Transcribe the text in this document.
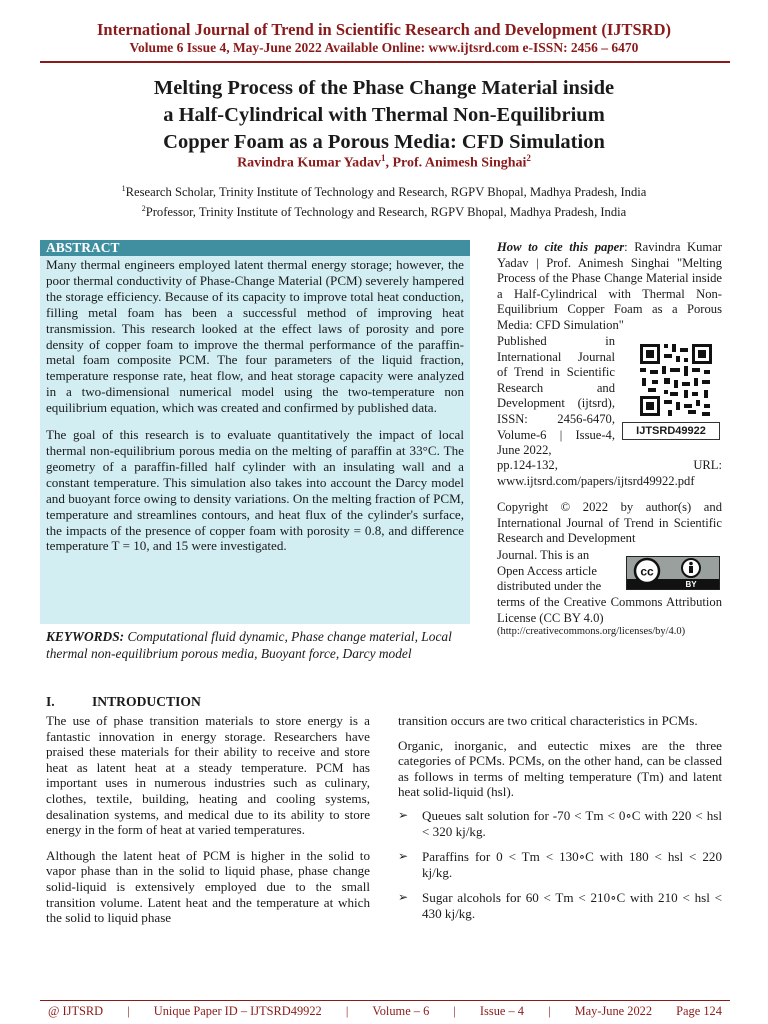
International Journal of Trend in Scientific Research and Development (IJTSRD)
Volume 6 Issue 4, May-June 2022 Available Online: www.ijtsrd.com e-ISSN: 2456 – 6470
Melting Process of the Phase Change Material inside
a Half-Cylindrical with Thermal Non-Equilibrium
Copper Foam as a Porous Media: CFD Simulation
Ravindra Kumar Yadav$^1$, Prof. Animesh Singhai$^2$
$^1$Research Scholar, Trinity Institute of Technology and Research, RGPV Bhopal, Madhya Pradesh, India
$^2$Professor, Trinity Institute of Technology and Research, RGPV Bhopal, Madhya Pradesh, India
ABSTRACT

Many thermal engineers employed latent thermal energy storage; however, the poor thermal conductivity of Phase-Change Material (PCM) severely hampered the storage efficiency. Because of its capacity to improve total heat conduction, filling metal foam has been a successful method of improving heat transmission. This research looked at the effect laws of porosity and pore density of copper foam to improve the thermal performance of the paraffin-metal foam composite PCM. The four parameters of the liquid fraction, temperature response rate, heat flow, and heat storage capacity were analyzed in a two-dimensional numerical model using the two-temperature non equilibrium equation, which was created and confirmed by published data.

The goal of this research is to evaluate quantitatively the impact of local thermal non-equilibrium porous media on the melting of paraffin at 33°C. The geometry of a paraffin-filled half cylinder with an insulating wall and a constant temperature. This simulation also takes into account the Darcy model and buoyant force owing to density variations. On the melting fraction of PCM, temperature and streamlines contours, and heat flux of the cylinder's surface, the impacts of the presence of copper foam with porosity = 0.8, and difference temperature T = 10, and 15 were investigated.

KEYWORDS: Computational fluid dynamic, Phase change material, Local thermal non-equilibrium porous media, Buoyant force, Darcy model
How to cite this paper: Ravindra Kumar Yadav | Prof. Animesh Singhai "Melting Process of the Phase Change Material inside a Half-Cylindrical with Thermal Non-Equilibrium Copper Foam as a Porous Media: CFD Simulation"
Published in International Journal of Trend in Scientific Research and Development (ijtsrd), ISSN: 2456-6470, Volume-6 | Issue-4, June 2022,
pp.124-132,	URL:
www.ijtsrd.com/papers/ijtsrd49922.pdf
IJTSRD49922
Copyright © 2022 by author(s) and International Journal of Trend in Scientific Research and Development
Journal. This is an Open Access article distributed under the
cc
BY
terms of the Creative Commons Attribution License (CC BY 4.0)
(http://creativecommons.org/licenses/by/4.0)
I.	INTRODUCTION

The use of phase transition materials to store energy is a fantastic innovation in energy storage. Researchers have praised these materials for their ability to receive and store heat as latent heat at a steady temperature. PCM has important uses in numerous industries such as culinary, clothes, textile, building, heating and cooling systems, desalination systems, and medical due to its ability to store energy in the form of heat at varied temperatures.

Although the latent heat of PCM is higher in the solid to vapor phase than in the solid to liquid phase, phase change solid-liquid is extensively employed due to the small transition volume. Latent heat and the temperature at which the solid to liquid phase

transition occurs are two critical characteristics in PCMs.

Organic, inorganic, and eutectic mixes are the three categories of PCMs. PCMs, on the other hand, can be classed as follows in terms of melting temperature (Tm) and latent heat solid-liquid (hsl).

➢ Queues salt solution for -70 < Tm < 0∘C with 220 < hsl < 320 kj/kg.
➢ Paraffins for 0 < Tm < 130∘C with 180 < hsl < 220 kj/kg.
➢ Sugar alcohols for 60 < Tm < 210∘C with 210 < hsl < 430 kj/kg.
@ IJTSRD | Unique Paper ID – IJTSRD49922 | Volume – 6 | Issue – 4 | May-June 2022 Page 124
